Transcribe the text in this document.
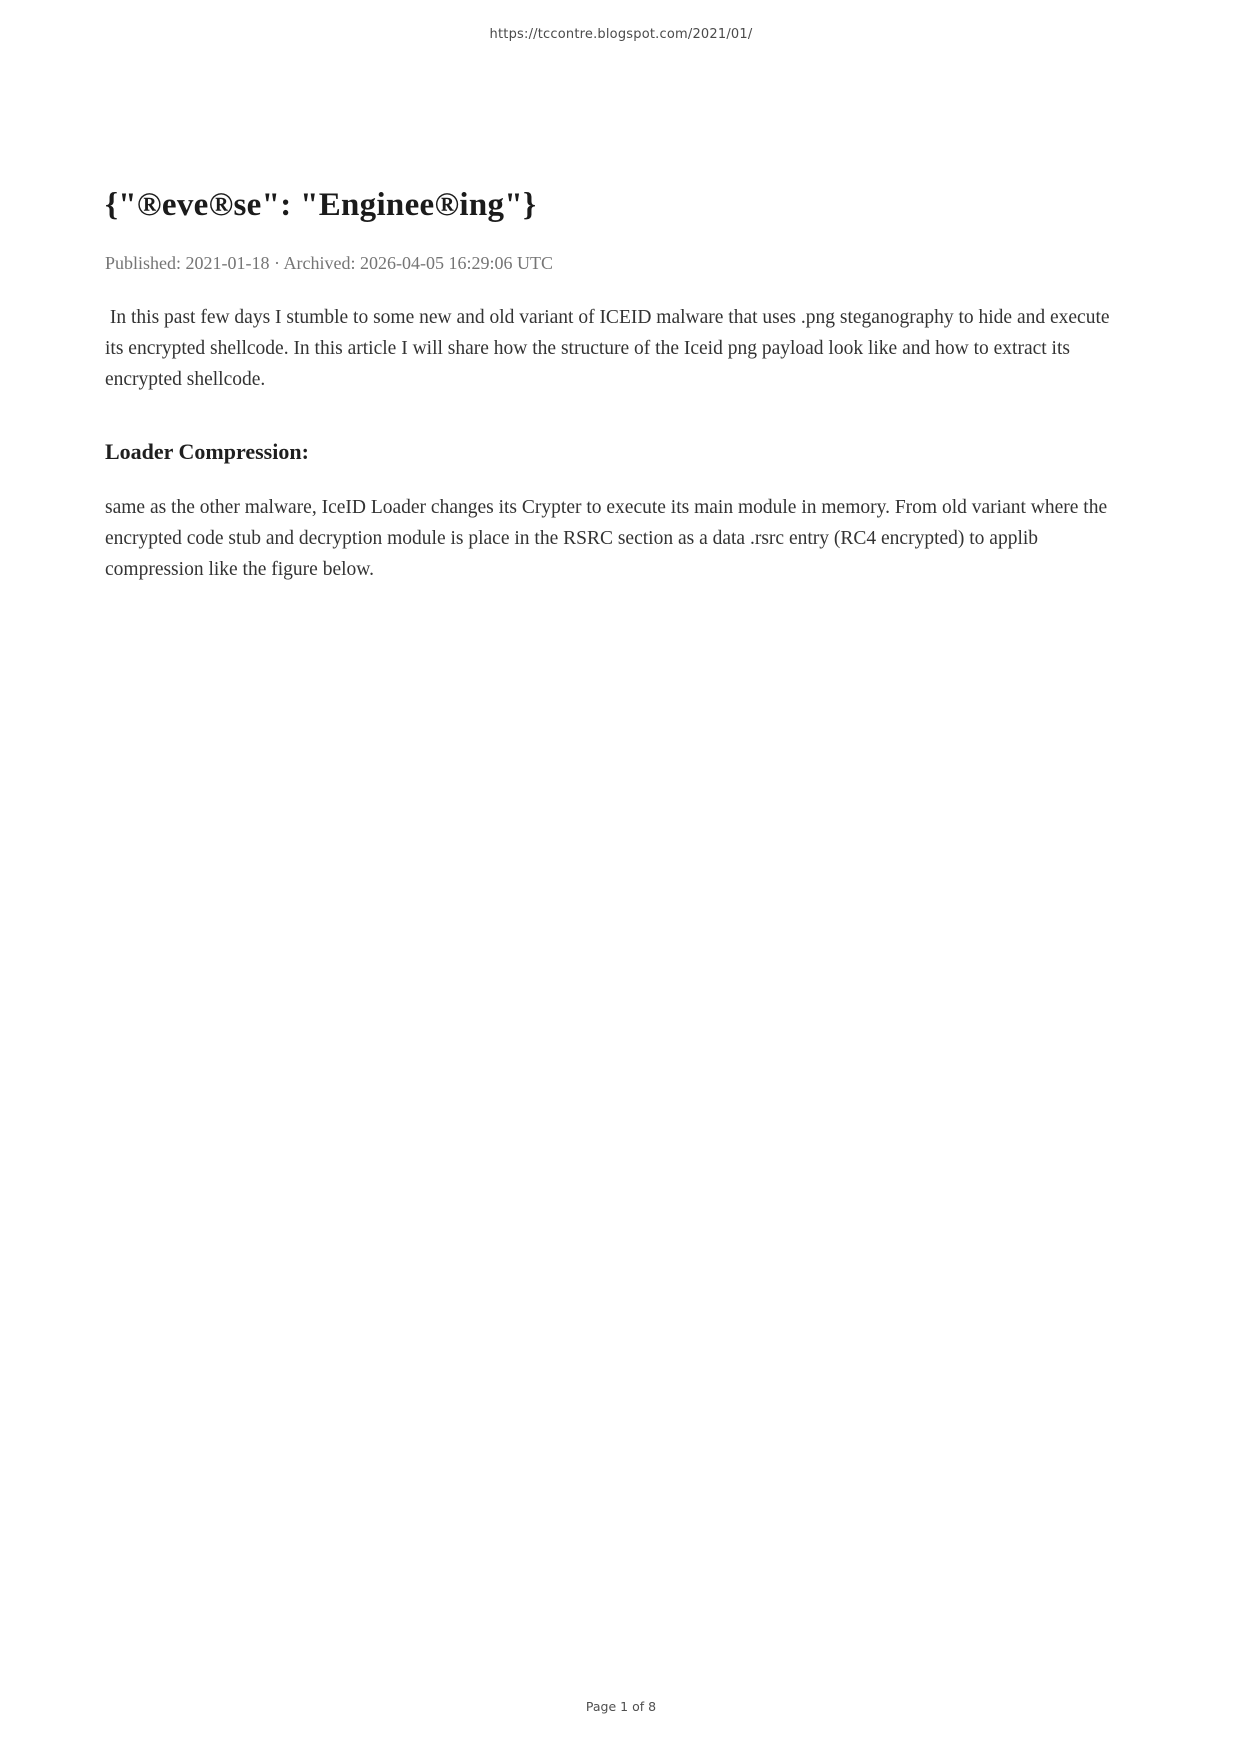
https://tccontre.blogspot.com/2021/01/
{"®eve®se": "Enginee®ing"}
Published: 2021-01-18 · Archived: 2026-04-05 16:29:06 UTC

In this past few days I stumble to some new and old variant of ICEID malware that uses .png steganography to hide and execute its encrypted shellcode. In this article I will share how the structure of the Iceid png payload look like and how to extract its encrypted shellcode.

Loader Compression:

same as the other malware, IceID Loader changes its Crypter to execute its main module in memory. From old variant where the encrypted code stub and decryption module is place in the RSRC section as a data .rsrc entry (RC4 encrypted) to applib compression like the figure below.

Page 1 of 8
